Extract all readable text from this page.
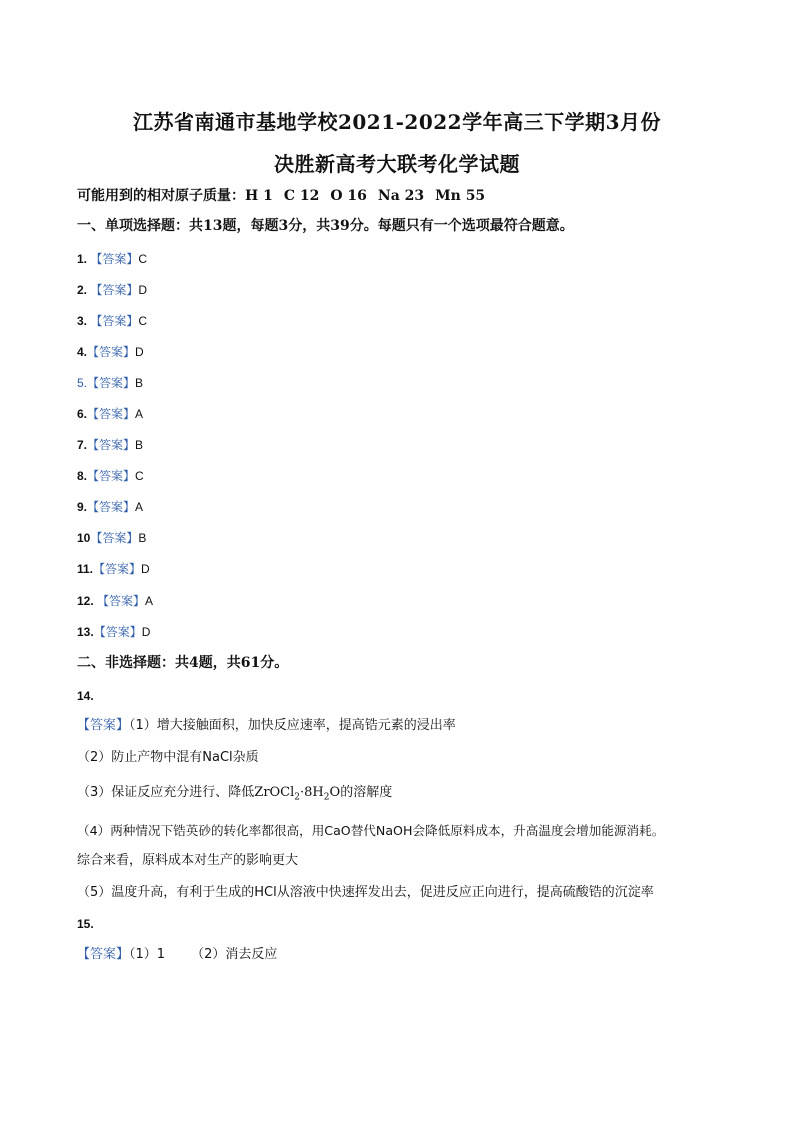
江苏省南通市基地学校2021-2022学年高三下学期3月份
决胜新高考大联考化学试题
可能用到的相对原子质量：H 1 C 12 O 16 Na 23 Mn 55
一、单项选择题：共13题，每题3分，共39分。每题只有一个选项最符合题意。
1. 【答案】C
2. 【答案】D
3. 【答案】C
4.【答案】D
5.【答案】B
6.【答案】A
7.【答案】B
8.【答案】C
9.【答案】A
10【答案】B
11.【答案】D
12. 【答案】A
13.【答案】D
二、非选择题：共4题，共61分。
14.
【答案】（1）增大接触面积，加快反应速率，提高锆元素的浸出率
（2）防止产物中混有NaCl杂质
（3）保证反应充分进行、降低$ZrOCl_2\cdot 8H_2O$的溶解度
（4）两种情况下锆英砂的转化率都很高，用CaO替代NaOH会降低原料成本，升高温度会增加能源消耗。
综合来看，原料成本对生产的影响更大
（5）温度升高，有利于生成的HCl从溶液中快速挥发出去，促进反应正向进行，提高硫酸锆的沉淀率
15.
【答案】（1）1 （2）消去反应
